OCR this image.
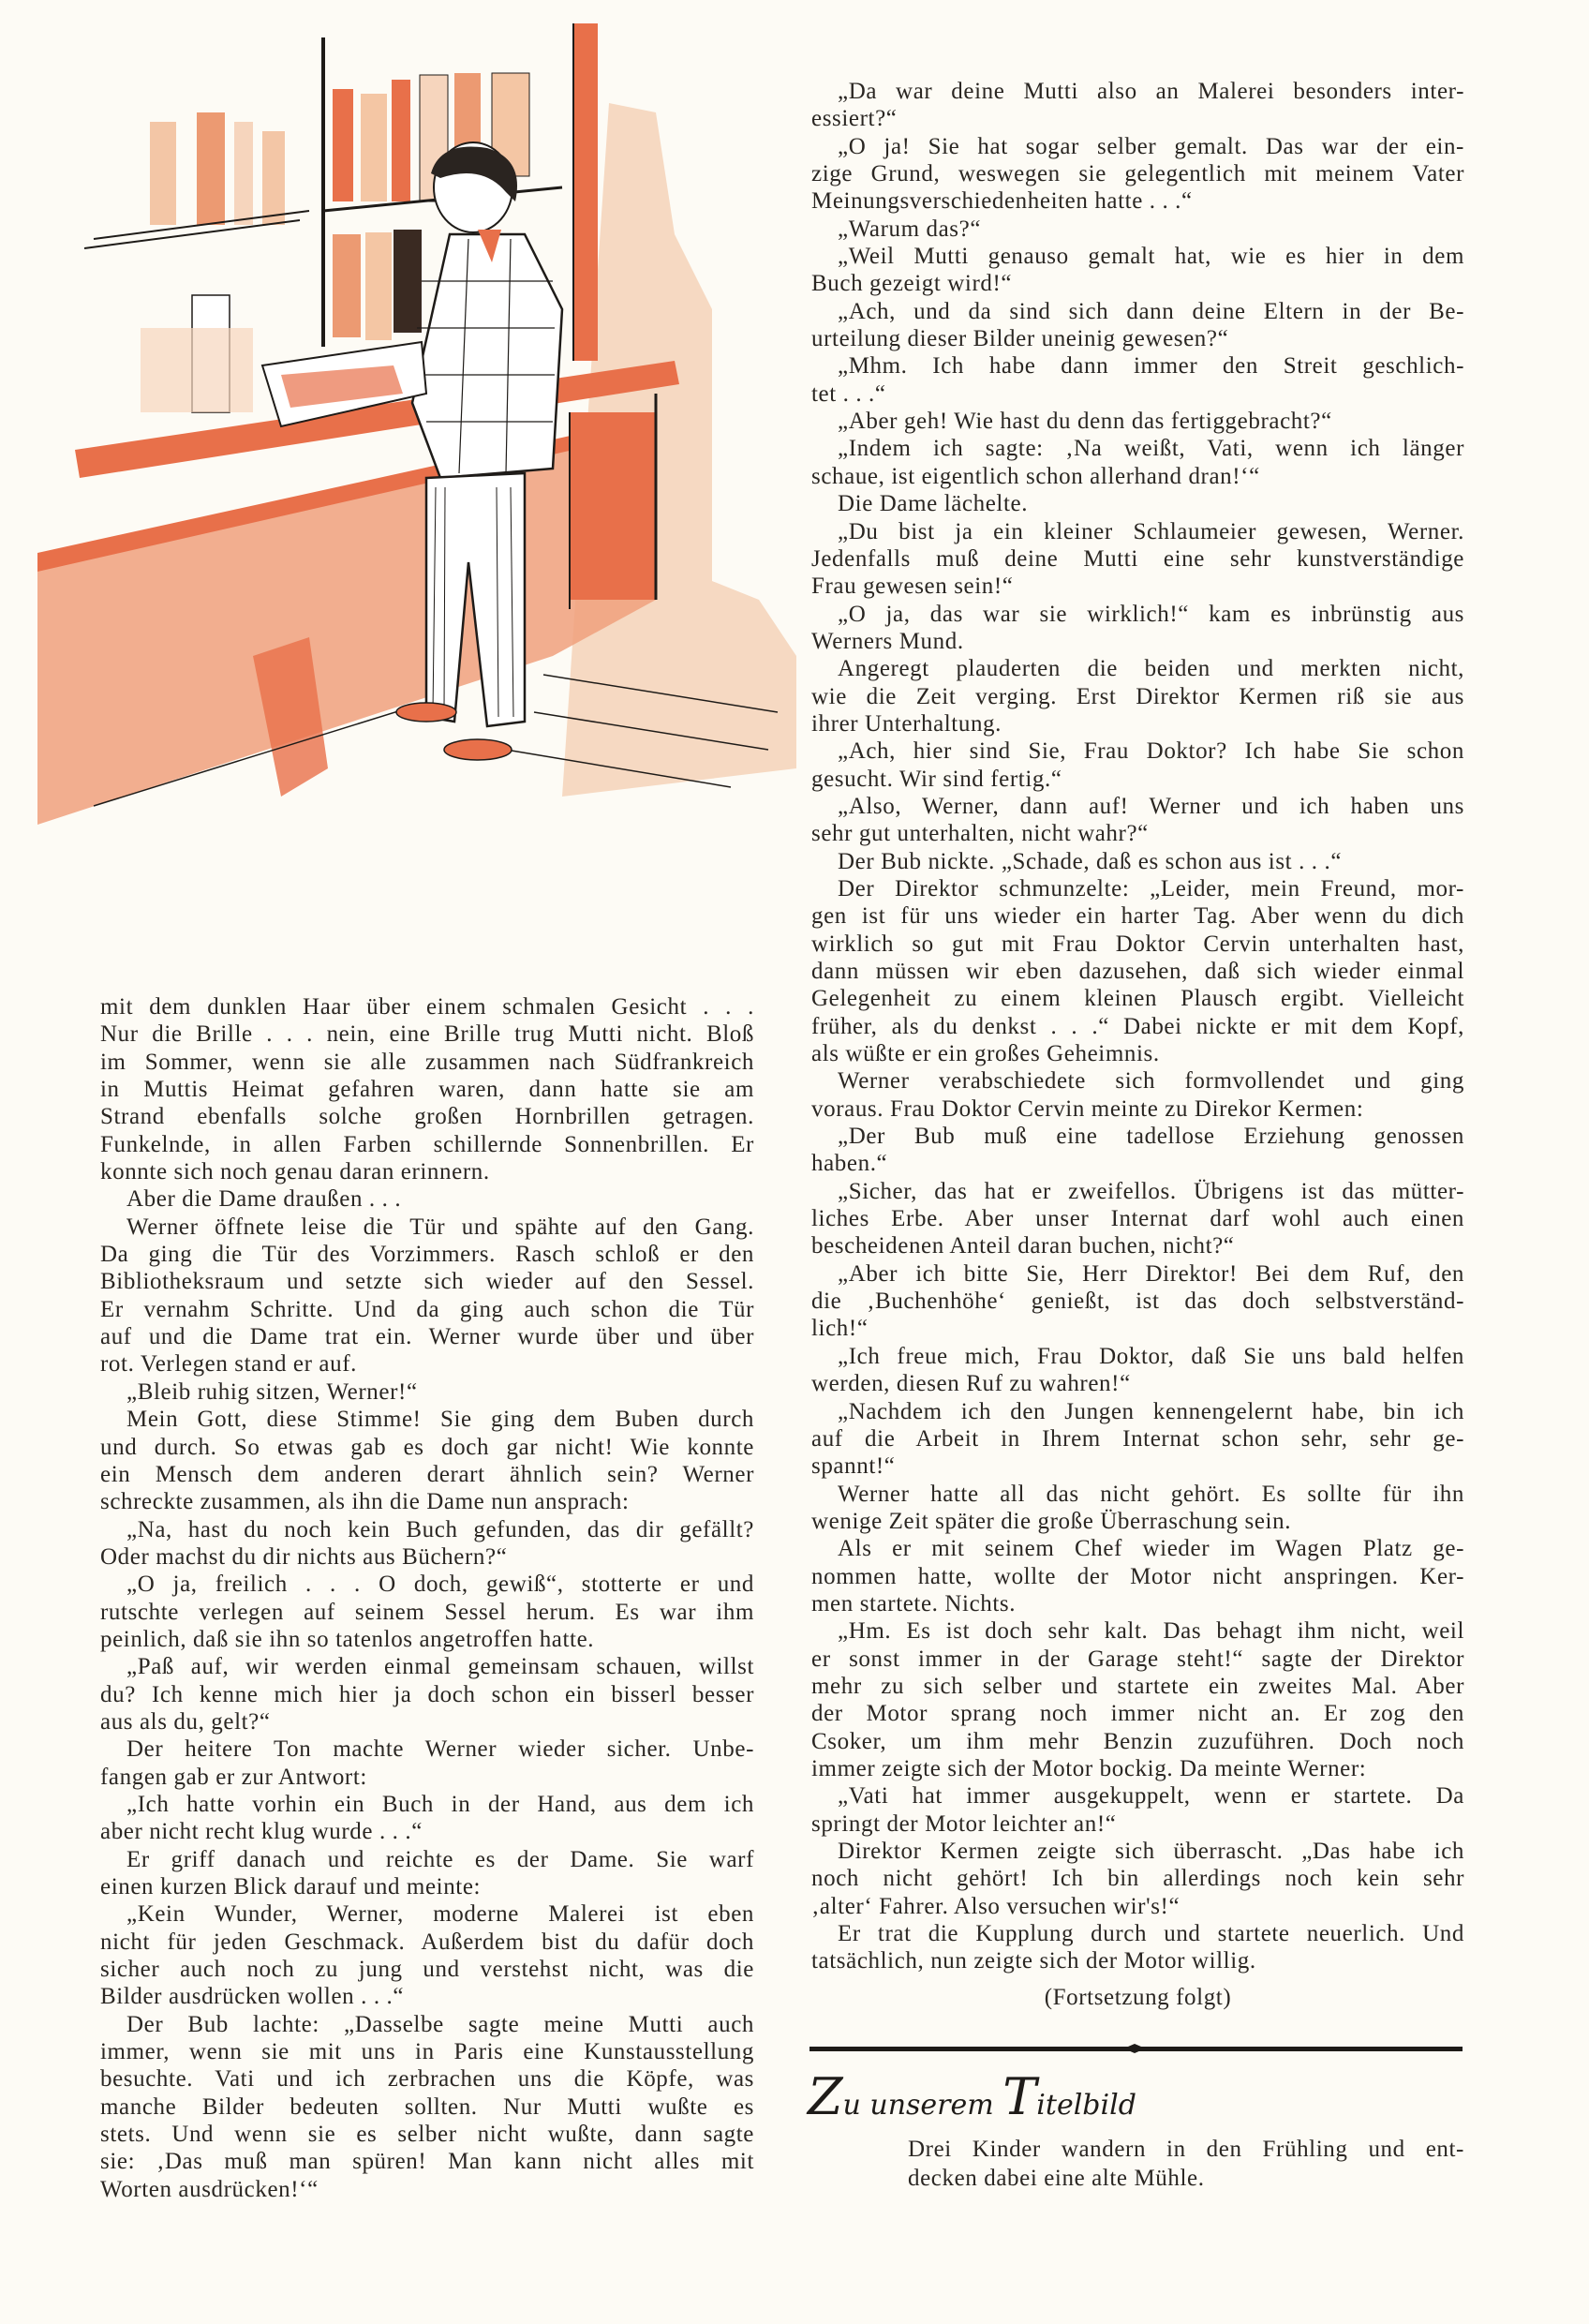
mit dem dunklen Haar über einem schmalen Gesicht . . .
Nur die Brille . . . nein, eine Brille trug Mutti nicht. Bloß
im Sommer, wenn sie alle zusammen nach Südfrankreich
in Muttis Heimat gefahren waren, dann hatte sie am
Strand ebenfalls solche großen Hornbrillen getragen.
Funkelnde, in allen Farben schillernde Sonnenbrillen. Er
konnte sich noch genau daran erinnern.
Aber die Dame draußen . . .
Werner öffnete leise die Tür und spähte auf den Gang.
Da ging die Tür des Vorzimmers. Rasch schloß er den
Bibliotheksraum und setzte sich wieder auf den Sessel.
Er vernahm Schritte. Und da ging auch schon die Tür
auf und die Dame trat ein. Werner wurde über und über
rot. Verlegen stand er auf.
„Bleib ruhig sitzen, Werner!“
Mein Gott, diese Stimme! Sie ging dem Buben durch
und durch. So etwas gab es doch gar nicht! Wie konnte
ein Mensch dem anderen derart ähnlich sein? Werner
schreckte zusammen, als ihn die Dame nun ansprach:
„Na, hast du noch kein Buch gefunden, das dir gefällt?
Oder machst du dir nichts aus Büchern?“
„O ja, freilich . . . O doch, gewiß“, stotterte er und
rutschte verlegen auf seinem Sessel herum. Es war ihm
peinlich, daß sie ihn so tatenlos angetroffen hatte.
„Paß auf, wir werden einmal gemeinsam schauen, willst
du? Ich kenne mich hier ja doch schon ein bisserl besser
aus als du, gelt?“
Der heitere Ton machte Werner wieder sicher. Unbe-
fangen gab er zur Antwort:
„Ich hatte vorhin ein Buch in der Hand, aus dem ich
aber nicht recht klug wurde . . .“
Er griff danach und reichte es der Dame. Sie warf
einen kurzen Blick darauf und meinte:
„Kein Wunder, Werner, moderne Malerei ist eben
nicht für jeden Geschmack. Außerdem bist du dafür doch
sicher auch noch zu jung und verstehst nicht, was die
Bilder ausdrücken wollen . . .“
Der Bub lachte: „Dasselbe sagte meine Mutti auch
immer, wenn sie mit uns in Paris eine Kunstausstellung
besuchte. Vati und ich zerbrachen uns die Köpfe, was
manche Bilder bedeuten sollten. Nur Mutti wußte es
stets. Und wenn sie es selber nicht wußte, dann sagte
sie: ‚Das muß man spüren! Man kann nicht alles mit
Worten ausdrücken!‘“
„Da war deine Mutti also an Malerei besonders inter-
essiert?“
„O ja! Sie hat sogar selber gemalt. Das war der ein-
zige Grund, weswegen sie gelegentlich mit meinem Vater
Meinungsverschiedenheiten hatte . . .“
„Warum das?“
„Weil Mutti genauso gemalt hat, wie es hier in dem
Buch gezeigt wird!“
„Ach, und da sind sich dann deine Eltern in der Be-
urteilung dieser Bilder uneinig gewesen?“
„Mhm. Ich habe dann immer den Streit geschlich-
tet . . .“
„Aber geh! Wie hast du denn das fertiggebracht?“
„Indem ich sagte: ‚Na weißt, Vati, wenn ich länger
schaue, ist eigentlich schon allerhand dran!‘“
Die Dame lächelte.
„Du bist ja ein kleiner Schlaumeier gewesen, Werner.
Jedenfalls muß deine Mutti eine sehr kunstverständige
Frau gewesen sein!“
„O ja, das war sie wirklich!“ kam es inbrünstig aus
Werners Mund.
Angeregt plauderten die beiden und merkten nicht,
wie die Zeit verging. Erst Direktor Kermen riß sie aus
ihrer Unterhaltung.
„Ach, hier sind Sie, Frau Doktor? Ich habe Sie schon
gesucht. Wir sind fertig.“
„Also, Werner, dann auf! Werner und ich haben uns
sehr gut unterhalten, nicht wahr?“
Der Bub nickte. „Schade, daß es schon aus ist . . .“
Der Direktor schmunzelte: „Leider, mein Freund, mor-
gen ist für uns wieder ein harter Tag. Aber wenn du dich
wirklich so gut mit Frau Doktor Cervin unterhalten hast,
dann müssen wir eben dazusehen, daß sich wieder einmal
Gelegenheit zu einem kleinen Plausch ergibt. Vielleicht
früher, als du denkst . . .“ Dabei nickte er mit dem Kopf,
als wüßte er ein großes Geheimnis.
Werner verabschiedete sich formvollendet und ging
voraus. Frau Doktor Cervin meinte zu Direkor Kermen:
„Der Bub muß eine tadellose Erziehung genossen
haben.“
„Sicher, das hat er zweifellos. Übrigens ist das mütter-
liches Erbe. Aber unser Internat darf wohl auch einen
bescheidenen Anteil daran buchen, nicht?“
„Aber ich bitte Sie, Herr Direktor! Bei dem Ruf, den
die ‚Buchenhöhe‘ genießt, ist das doch selbstverständ-
lich!“
„Ich freue mich, Frau Doktor, daß Sie uns bald helfen
werden, diesen Ruf zu wahren!“
„Nachdem ich den Jungen kennengelernt habe, bin ich
auf die Arbeit in Ihrem Internat schon sehr, sehr ge-
spannt!“
Werner hatte all das nicht gehört. Es sollte für ihn
wenige Zeit später die große Überraschung sein.
Als er mit seinem Chef wieder im Wagen Platz ge-
nommen hatte, wollte der Motor nicht anspringen. Ker-
men startete. Nichts.
„Hm. Es ist doch sehr kalt. Das behagt ihm nicht, weil
er sonst immer in der Garage steht!“ sagte der Direktor
mehr zu sich selber und startete ein zweites Mal. Aber
der Motor sprang noch immer nicht an. Er zog den
Csoker, um ihm mehr Benzin zuzuführen. Doch noch
immer zeigte sich der Motor bockig. Da meinte Werner:
„Vati hat immer ausgekuppelt, wenn er startete. Da
springt der Motor leichter an!“
Direktor Kermen zeigte sich überrascht. „Das habe ich
noch nicht gehört! Ich bin allerdings noch kein sehr
‚alter‘ Fahrer. Also versuchen wir's!“
Er trat die Kupplung durch und startete neuerlich. Und
tatsächlich, nun zeigte sich der Motor willig.
(Fortsetzung folgt)
Zu unserem Titelbild
Drei Kinder wandern in den Frühling und ent-
decken dabei eine alte Mühle.
